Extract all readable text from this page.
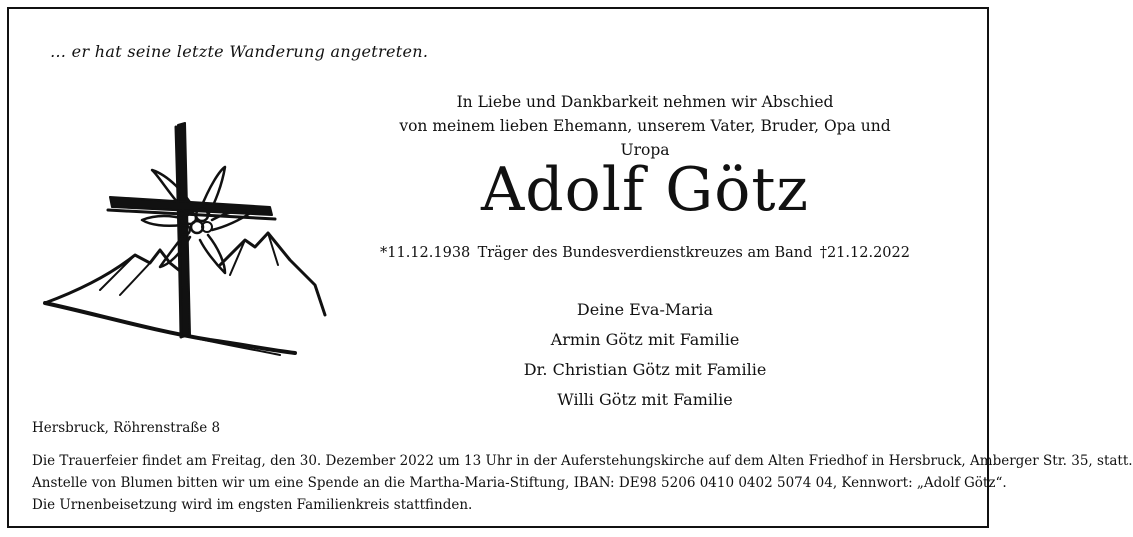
… er hat seine letzte Wanderung angetreten.
In Liebe und Dankbarkeit nehmen wir Abschied
von meinem lieben Ehemann, unserem Vater, Bruder, Opa und Uropa
Adolf Götz
*11.12.1938 Träger des Bundesverdienstkreuzes am Band †21.12.2022
Deine Eva-Maria
Armin Götz mit Familie
Dr. Christian Götz mit Familie
Willi Götz mit Familie
Hersbruck, Röhrenstraße 8
Die Trauerfeier findet am Freitag, den 30. Dezember 2022 um 13 Uhr in der Auferstehungskirche auf dem Alten Friedhof in Hersbruck, Amberger Str. 35, statt.
Anstelle von Blumen bitten wir um eine Spende an die Martha-Maria-Stiftung, IBAN: DE98 5206 0410 0402 5074 04, Kennwort: „Adolf Götz“.
Die Urnenbeisetzung wird im engsten Familienkreis stattfinden.
